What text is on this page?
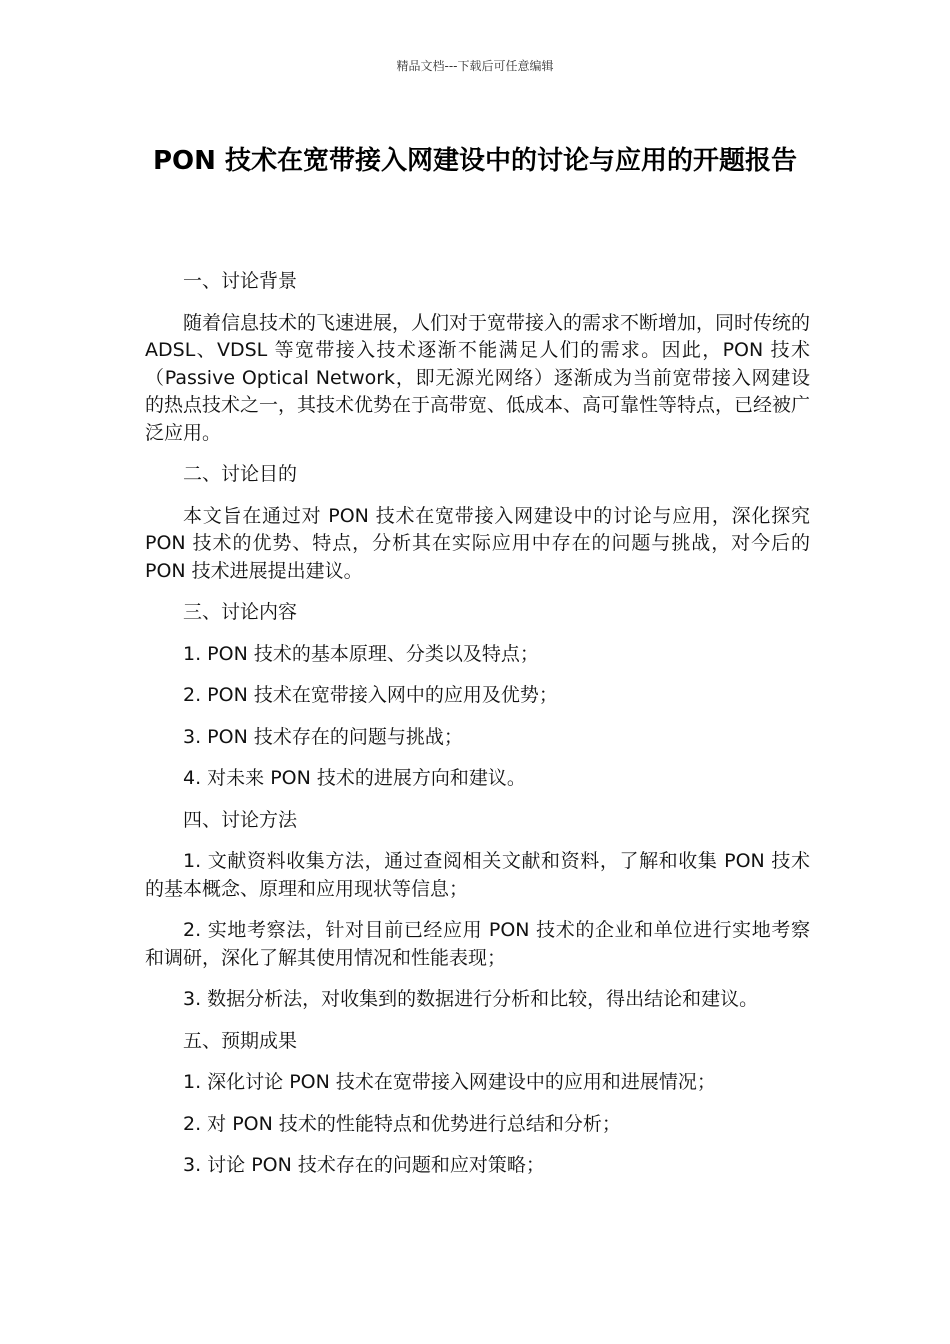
精品文档---下载后可任意编辑
PON 技术在宽带接入网建设中的讨论与应用的开题报告

一、讨论背景

随着信息技术的飞速进展，人们对于宽带接入的需求不断增加，同时传统的 ADSL、VDSL 等宽带接入技术逐渐不能满足人们的需求。因此，PON 技术（Passive Optical Network，即无源光网络）逐渐成为当前宽带接入网建设的热点技术之一，其技术优势在于高带宽、低成本、高可靠性等特点，已经被广泛应用。

二、讨论目的

本文旨在通过对 PON 技术在宽带接入网建设中的讨论与应用，深化探究 PON 技术的优势、特点，分析其在实际应用中存在的问题与挑战，对今后的 PON 技术进展提出建议。

三、讨论内容

1. PON 技术的基本原理、分类以及特点；

2. PON 技术在宽带接入网中的应用及优势；

3. PON 技术存在的问题与挑战；

4. 对未来 PON 技术的进展方向和建议。

四、讨论方法

1. 文献资料收集方法，通过查阅相关文献和资料，了解和收集 PON 技术的基本概念、原理和应用现状等信息；

2. 实地考察法，针对目前已经应用 PON 技术的企业和单位进行实地考察和调研，深化了解其使用情况和性能表现；

3. 数据分析法，对收集到的数据进行分析和比较，得出结论和建议。

五、预期成果

1. 深化讨论 PON 技术在宽带接入网建设中的应用和进展情况；

2. 对 PON 技术的性能特点和优势进行总结和分析；

3. 讨论 PON 技术存在的问题和应对策略；
